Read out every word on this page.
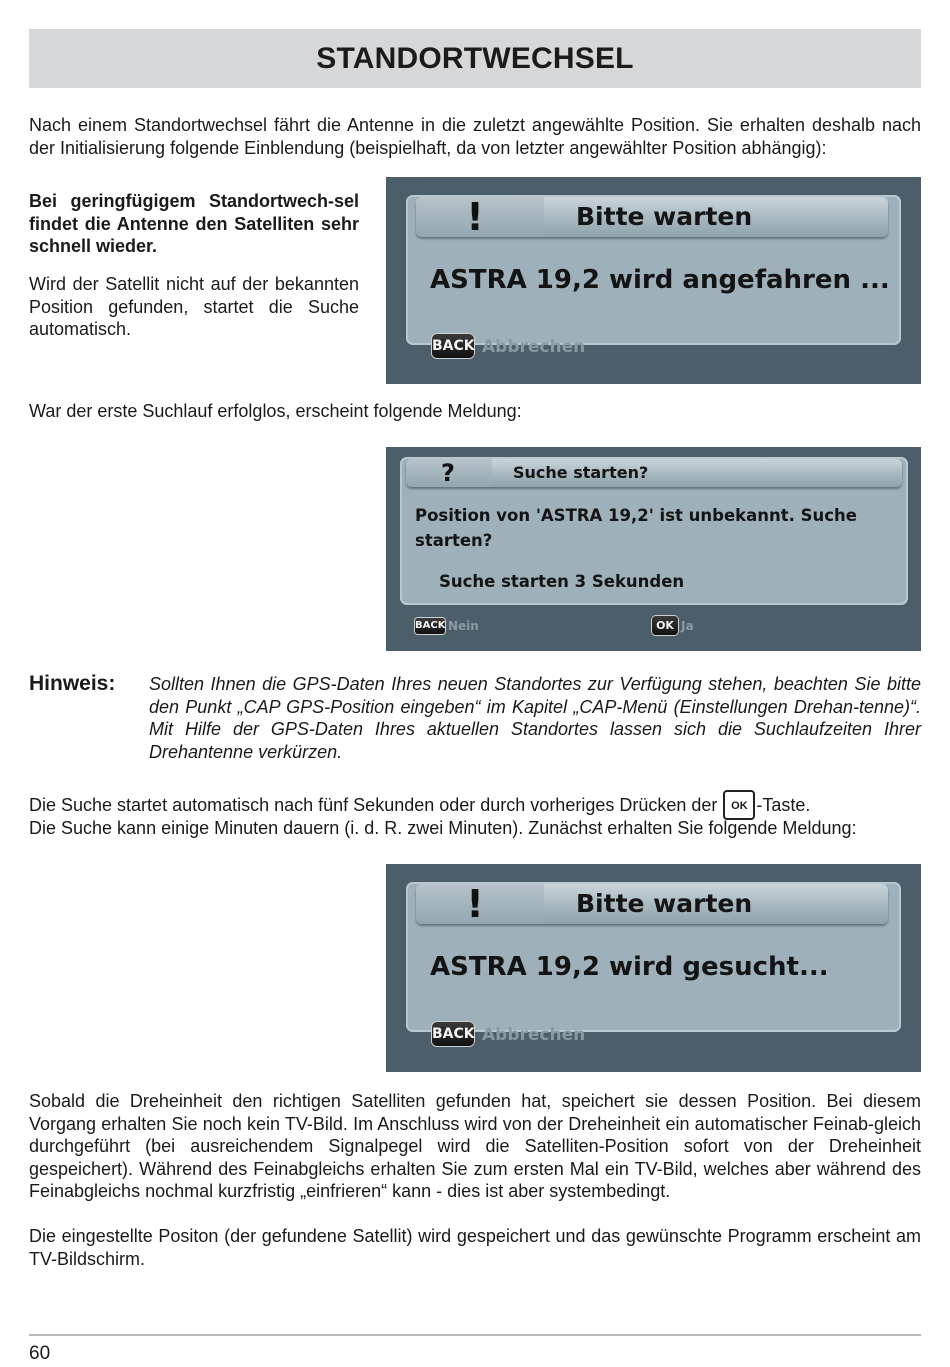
STANDORTWECHSEL

Nach einem Standortwechsel fährt die Antenne in die zuletzt angewählte Position. Sie erhalten deshalb nach der Initialisierung folgende Einblendung (beispielhaft, da von letzter angewählter Position abhängig):

Bei geringfügigem Standortwech-sel findet die Antenne den Satelliten sehr schnell wieder.

Wird der Satellit nicht auf der bekannten Position gefunden, startet die Suche automatisch.

!	Bitte warten
ASTRA 19,2 wird angefahren ...
BACK Abbrechen

War der erste Suchlauf erfolglos, erscheint folgende Meldung:

?	Suche starten?
Position von 'ASTRA 19,2' ist unbekannt. Suche
starten?
Suche starten 3 Sekunden
BACK Nein	OK Ja
Hinweis: Sollten Ihnen die GPS-Daten Ihres neuen Standortes zur Verfügung stehen, beachten Sie bitte den Punkt „CAP GPS-Position eingeben“ im Kapitel „CAP-Menü (Einstellungen Drehan-tenne)“. Mit Hilfe der GPS-Daten Ihres aktuellen Standortes lassen sich die Suchlaufzeiten Ihrer Drehantenne verkürzen.

Die Suche startet automatisch nach fünf Sekunden oder durch vorheriges Drücken der OK -Taste.

Die Suche kann einige Minuten dauern (i. d. R. zwei Minuten). Zunächst erhalten Sie folgende Meldung:

!	Bitte warten
ASTRA 19,2 wird gesucht...
BACK Abbrechen

Sobald die Dreheinheit den richtigen Satelliten gefunden hat, speichert sie dessen Position. Bei diesem Vorgang erhalten Sie noch kein TV-Bild. Im Anschluss wird von der Dreheinheit ein automatischer Feinab-gleich durchgeführt (bei ausreichendem Signalpegel wird die Satelliten-Position sofort von der Dreheinheit gespeichert). Während des Feinabgleichs erhalten Sie zum ersten Mal ein TV-Bild, welches aber während des Feinabgleichs nochmal kurzfristig „einfrieren“ kann - dies ist aber systembedingt.

Die eingestellte Positon (der gefundene Satellit) wird gespeichert und das gewünschte Programm erscheint am TV-Bildschirm.

60
